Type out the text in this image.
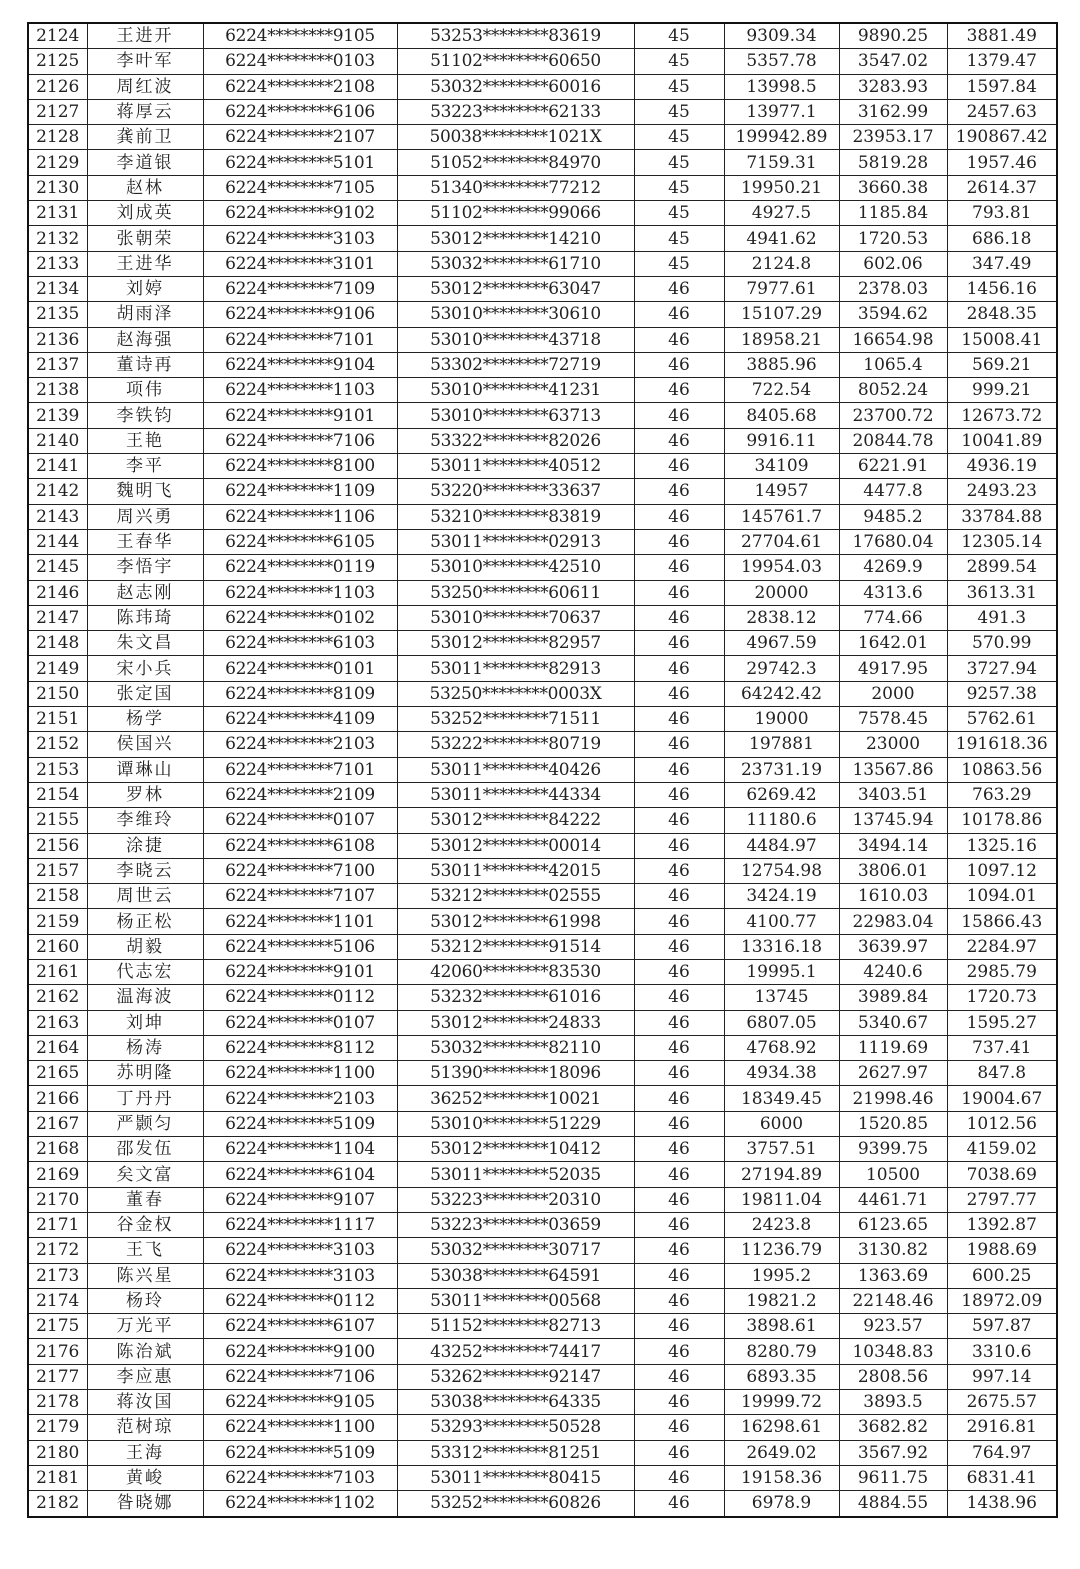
2124	王进开	6224********9105	53253********83619	45	9309.34	9890.25	3881.49
2125	李叶军	6224********0103	51102********60650	45	5357.78	3547.02	1379.47
2126	周红波	6224********2108	53032********60016	45	13998.5	3283.93	1597.84
2127	蒋厚云	6224********6106	53223********62133	45	13977.1	3162.99	2457.63
2128	龚前卫	6224********2107	50038********1021X	45	199942.89	23953.17	190867.42
2129	李道银	6224********5101	51052********84970	45	7159.31	5819.28	1957.46
2130	赵林	6224********7105	51340********77212	45	19950.21	3660.38	2614.37
2131	刘成英	6224********9102	51102********99066	45	4927.5	1185.84	793.81
2132	张朝荣	6224********3103	53012********14210	45	4941.62	1720.53	686.18
2133	王进华	6224********3101	53032********61710	45	2124.8	602.06	347.49
2134	刘婷	6224********7109	53012********63047	46	7977.61	2378.03	1456.16
2135	胡雨泽	6224********9106	53010********30610	46	15107.29	3594.62	2848.35
2136	赵海强	6224********7101	53010********43718	46	18958.21	16654.98	15008.41
2137	董诗再	6224********9104	53302********72719	46	3885.96	1065.4	569.21
2138	项伟	6224********1103	53010********41231	46	722.54	8052.24	999.21
2139	李铁钧	6224********9101	53010********63713	46	8405.68	23700.72	12673.72
2140	王艳	6224********7106	53322********82026	46	9916.11	20844.78	10041.89
2141	李平	6224********8100	53011********40512	46	34109	6221.91	4936.19
2142	魏明飞	6224********1109	53220********33637	46	14957	4477.8	2493.23
2143	周兴勇	6224********1106	53210********83819	46	145761.7	9485.2	33784.88
2144	王春华	6224********6105	53011********02913	46	27704.61	17680.04	12305.14
2145	李悟宇	6224********0119	53010********42510	46	19954.03	4269.9	2899.54
2146	赵志刚	6224********1103	53250********60611	46	20000	4313.6	3613.31
2147	陈玮琦	6224********0102	53010********70637	46	2838.12	774.66	491.3
2148	朱文昌	6224********6103	53012********82957	46	4967.59	1642.01	570.99
2149	宋小兵	6224********0101	53011********82913	46	29742.3	4917.95	3727.94
2150	张定国	6224********8109	53250********0003X	46	64242.42	2000	9257.38
2151	杨学	6224********4109	53252********71511	46	19000	7578.45	5762.61
2152	侯国兴	6224********2103	53222********80719	46	197881	23000	191618.36
2153	谭琳山	6224********7101	53011********40426	46	23731.19	13567.86	10863.56
2154	罗林	6224********2109	53011********44334	46	6269.42	3403.51	763.29
2155	李维玲	6224********0107	53012********84222	46	11180.6	13745.94	10178.86
2156	涂捷	6224********6108	53012********00014	46	4484.97	3494.14	1325.16
2157	李晓云	6224********7100	53011********42015	46	12754.98	3806.01	1097.12
2158	周世云	6224********7107	53212********02555	46	3424.19	1610.03	1094.01
2159	杨正松	6224********1101	53012********61998	46	4100.77	22983.04	15866.43
2160	胡毅	6224********5106	53212********91514	46	13316.18	3639.97	2284.97
2161	代志宏	6224********9101	42060********83530	46	19995.1	4240.6	2985.79
2162	温海波	6224********0112	53232********61016	46	13745	3989.84	1720.73
2163	刘坤	6224********0107	53012********24833	46	6807.05	5340.67	1595.27
2164	杨涛	6224********8112	53032********82110	46	4768.92	1119.69	737.41
2165	苏明隆	6224********1100	51390********18096	46	4934.38	2627.97	847.8
2166	丁丹丹	6224********2103	36252********10021	46	18349.45	21998.46	19004.67
2167	严颢匀	6224********5109	53010********51229	46	6000	1520.85	1012.56
2168	邵发伍	6224********1104	53012********10412	46	3757.51	9399.75	4159.02
2169	矣文富	6224********6104	53011********52035	46	27194.89	10500	7038.69
2170	董春	6224********9107	53223********20310	46	19811.04	4461.71	2797.77
2171	谷金权	6224********1117	53223********03659	46	2423.8	6123.65	1392.87
2172	王飞	6224********3103	53032********30717	46	11236.79	3130.82	1988.69
2173	陈兴星	6224********3103	53038********64591	46	1995.2	1363.69	600.25
2174	杨玲	6224********0112	53011********00568	46	19821.2	22148.46	18972.09
2175	万光平	6224********6107	51152********82713	46	3898.61	923.57	597.87
2176	陈治斌	6224********9100	43252********74417	46	8280.79	10348.83	3310.6
2177	李应惠	6224********7106	53262********92147	46	6893.35	2808.56	997.14
2178	蒋汝国	6224********9105	53038********64335	46	19999.72	3893.5	2675.57
2179	范树琼	6224********1100	53293********50528	46	16298.61	3682.82	2916.81
2180	王海	6224********5109	53312********81251	46	2649.02	3567.92	764.97
2181	黄峻	6224********7103	53011********80415	46	19158.36	9611.75	6831.41
2182	昝晓娜	6224********1102	53252********60826	46	6978.9	4884.55	1438.96
